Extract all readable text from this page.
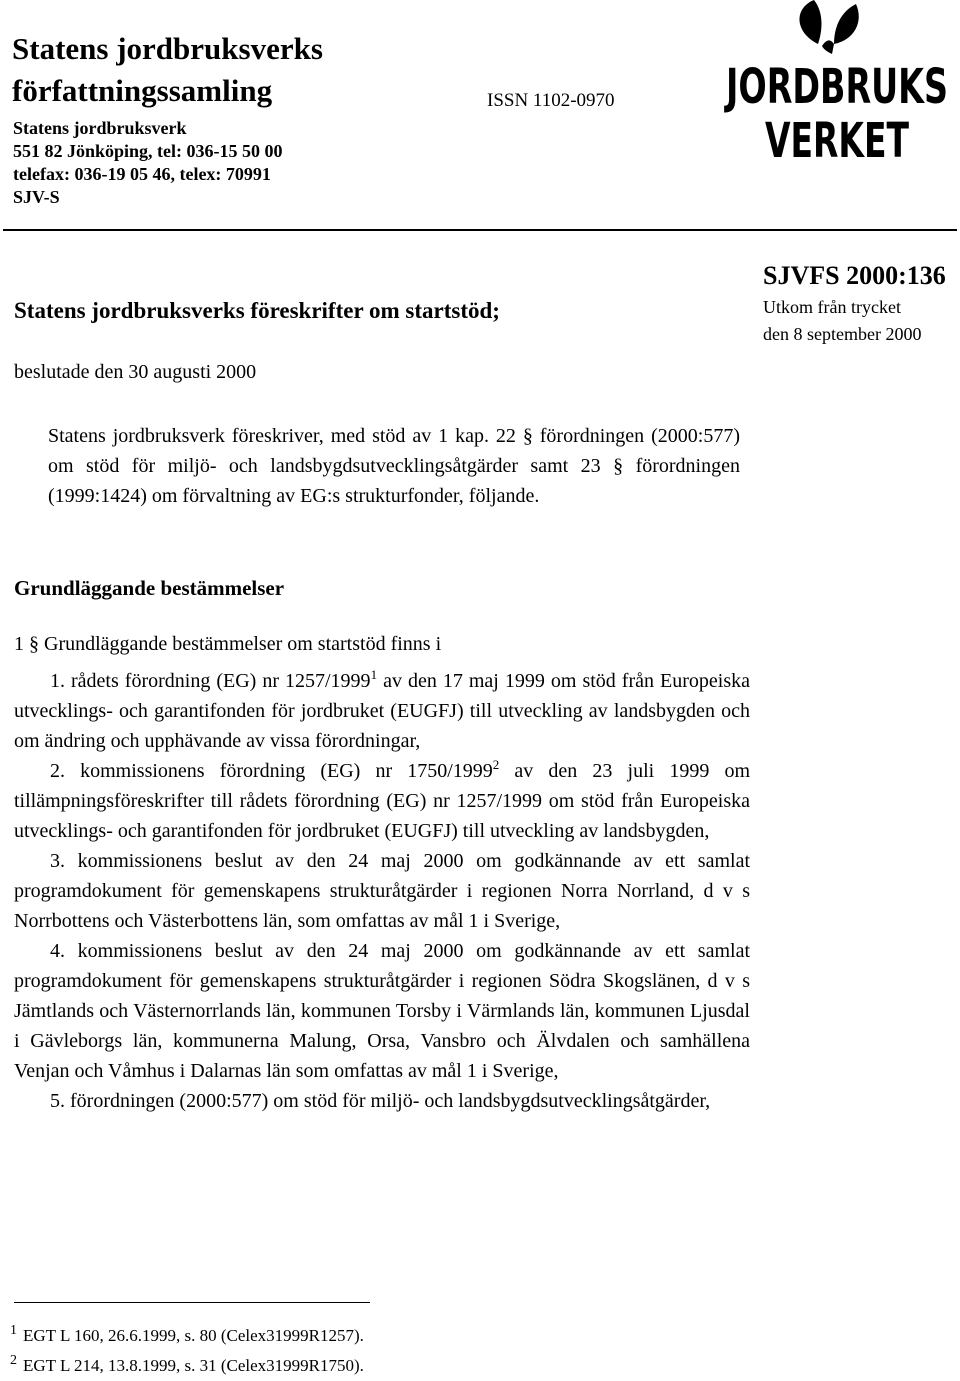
Statens jordbruksverks
författningssamling
Statens jordbruksverk
551 82 Jönköping, tel: 036-15 50 00
telefax: 036-19 05 46, telex: 70991
SJV-S
ISSN 1102-0970 JORDBRUKS
VERKET
Statens jordbruksverks föreskrifter om startstöd;
SJVFS 2000:136
Utkom från trycket
den 8 september 2000
beslutade den 30 augusti 2000
Statens jordbruksverk föreskriver, med stöd av 1 kap. 22 § förordningen (2000:577) om stöd för miljö- och landsbygdsutvecklingsåtgärder samt 23 § förordningen (1999:1424) om förvaltning av EG:s strukturfonder, följande.
Grundläggande bestämmelser
1 § Grundläggande bestämmelser om startstöd finns i

1. rådets förordning (EG) nr 1257/1999$^1$ av den 17 maj 1999 om stöd från Europeiska utvecklings- och garantifonden för jordbruket (EUGFJ) till utveckling av landsbygden och om ändring och upphävande av vissa förordningar,

2. kommissionens förordning (EG) nr 1750/1999$^2$ av den 23 juli 1999 om tillämpningsföreskrifter till rådets förordning (EG) nr 1257/1999 om stöd från Europeiska utvecklings- och garantifonden för jordbruket (EUGFJ) till utveckling av landsbygden,

3. kommissionens beslut av den 24 maj 2000 om godkännande av ett samlat programdokument för gemenskapens strukturåtgärder i regionen Norra Norrland, d v s Norrbottens och Västerbottens län, som omfattas av mål 1 i Sverige,

4. kommissionens beslut av den 24 maj 2000 om godkännande av ett samlat programdokument för gemenskapens strukturåtgärder i regionen Södra Skogslänen, d v s Jämtlands och Västernorrlands län, kommunen Torsby i Värmlands län, kommunen Ljusdal i Gävleborgs län, kommunerna Malung, Orsa, Vansbro och Älvdalen och samhällena Venjan och Våmhus i Dalarnas län som omfattas av mål 1 i Sverige,

5. förordningen (2000:577) om stöd för miljö- och landsbygdsutvecklingsåtgärder,

$^1$ EGT L 160, 26.6.1999, s. 80 (Celex31999R1257).
$^2$ EGT L 214, 13.8.1999, s. 31 (Celex31999R1750).
